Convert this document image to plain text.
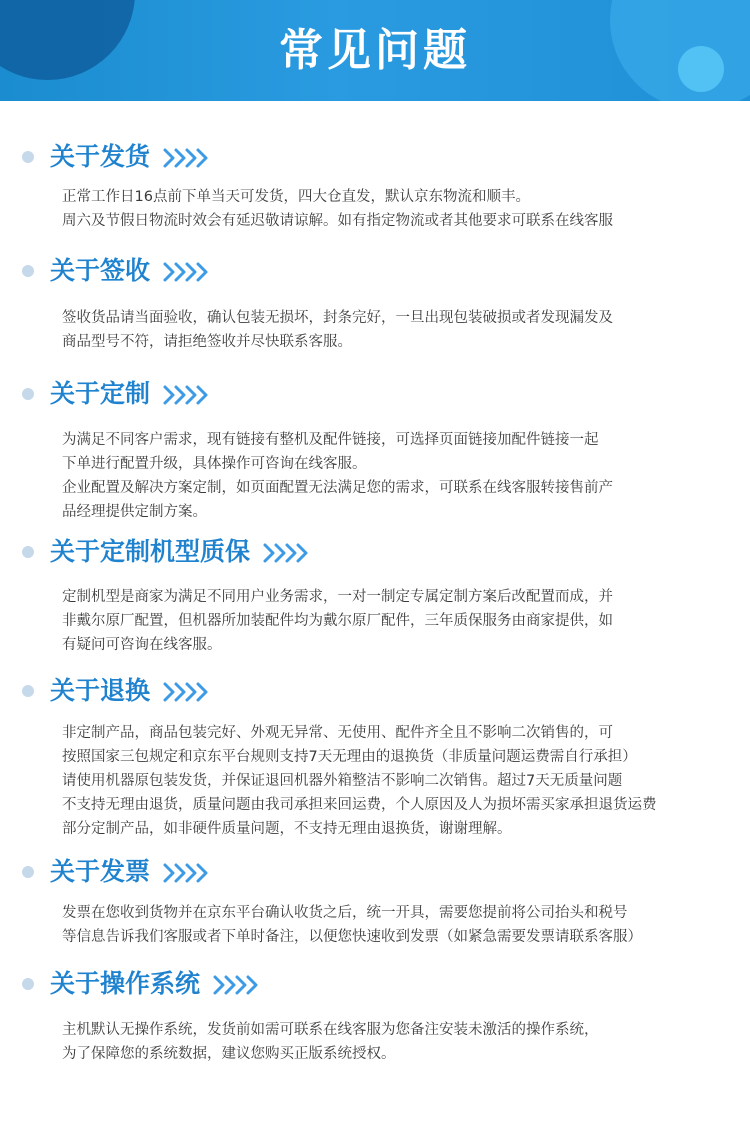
常见问题
关于发货

正常工作日16点前下单当天可发货，四大仓直发，默认京东物流和顺丰。

周六及节假日物流时效会有延迟敬请谅解。如有指定物流或者其他要求可联系在线客服

关于签收

签收货品请当面验收，确认包装无损坏，封条完好，一旦出现包装破损或者发现漏发及

商品型号不符，请拒绝签收并尽快联系客服。

关于定制

为满足不同客户需求，现有链接有整机及配件链接，可选择页面链接加配件链接一起

下单进行配置升级，具体操作可咨询在线客服。

企业配置及解决方案定制，如页面配置无法满足您的需求，可联系在线客服转接售前产

品经理提供定制方案。

关于定制机型质保

定制机型是商家为满足不同用户业务需求，一对一制定专属定制方案后改配置而成，并

非戴尔原厂配置，但机器所加装配件均为戴尔原厂配件，三年质保服务由商家提供，如

有疑问可咨询在线客服。

关于退换

非定制产品，商品包装完好、外观无异常、无使用、配件齐全且不影响二次销售的，可

按照国家三包规定和京东平台规则支持7天无理由的退换货（非质量问题运费需自行承担）

请使用机器原包装发货，并保证退回机器外箱整洁不影响二次销售。超过7天无质量问题

不支持无理由退货，质量问题由我司承担来回运费，个人原因及人为损坏需买家承担退货运费

部分定制产品，如非硬件质量问题，不支持无理由退换货，谢谢理解。

关于发票

发票在您收到货物并在京东平台确认收货之后，统一开具，需要您提前将公司抬头和税号

等信息告诉我们客服或者下单时备注，以便您快速收到发票（如紧急需要发票请联系客服）

关于操作系统

主机默认无操作系统，发货前如需可联系在线客服为您备注安装未激活的操作系统，

为了保障您的系统数据，建议您购买正版系统授权。
